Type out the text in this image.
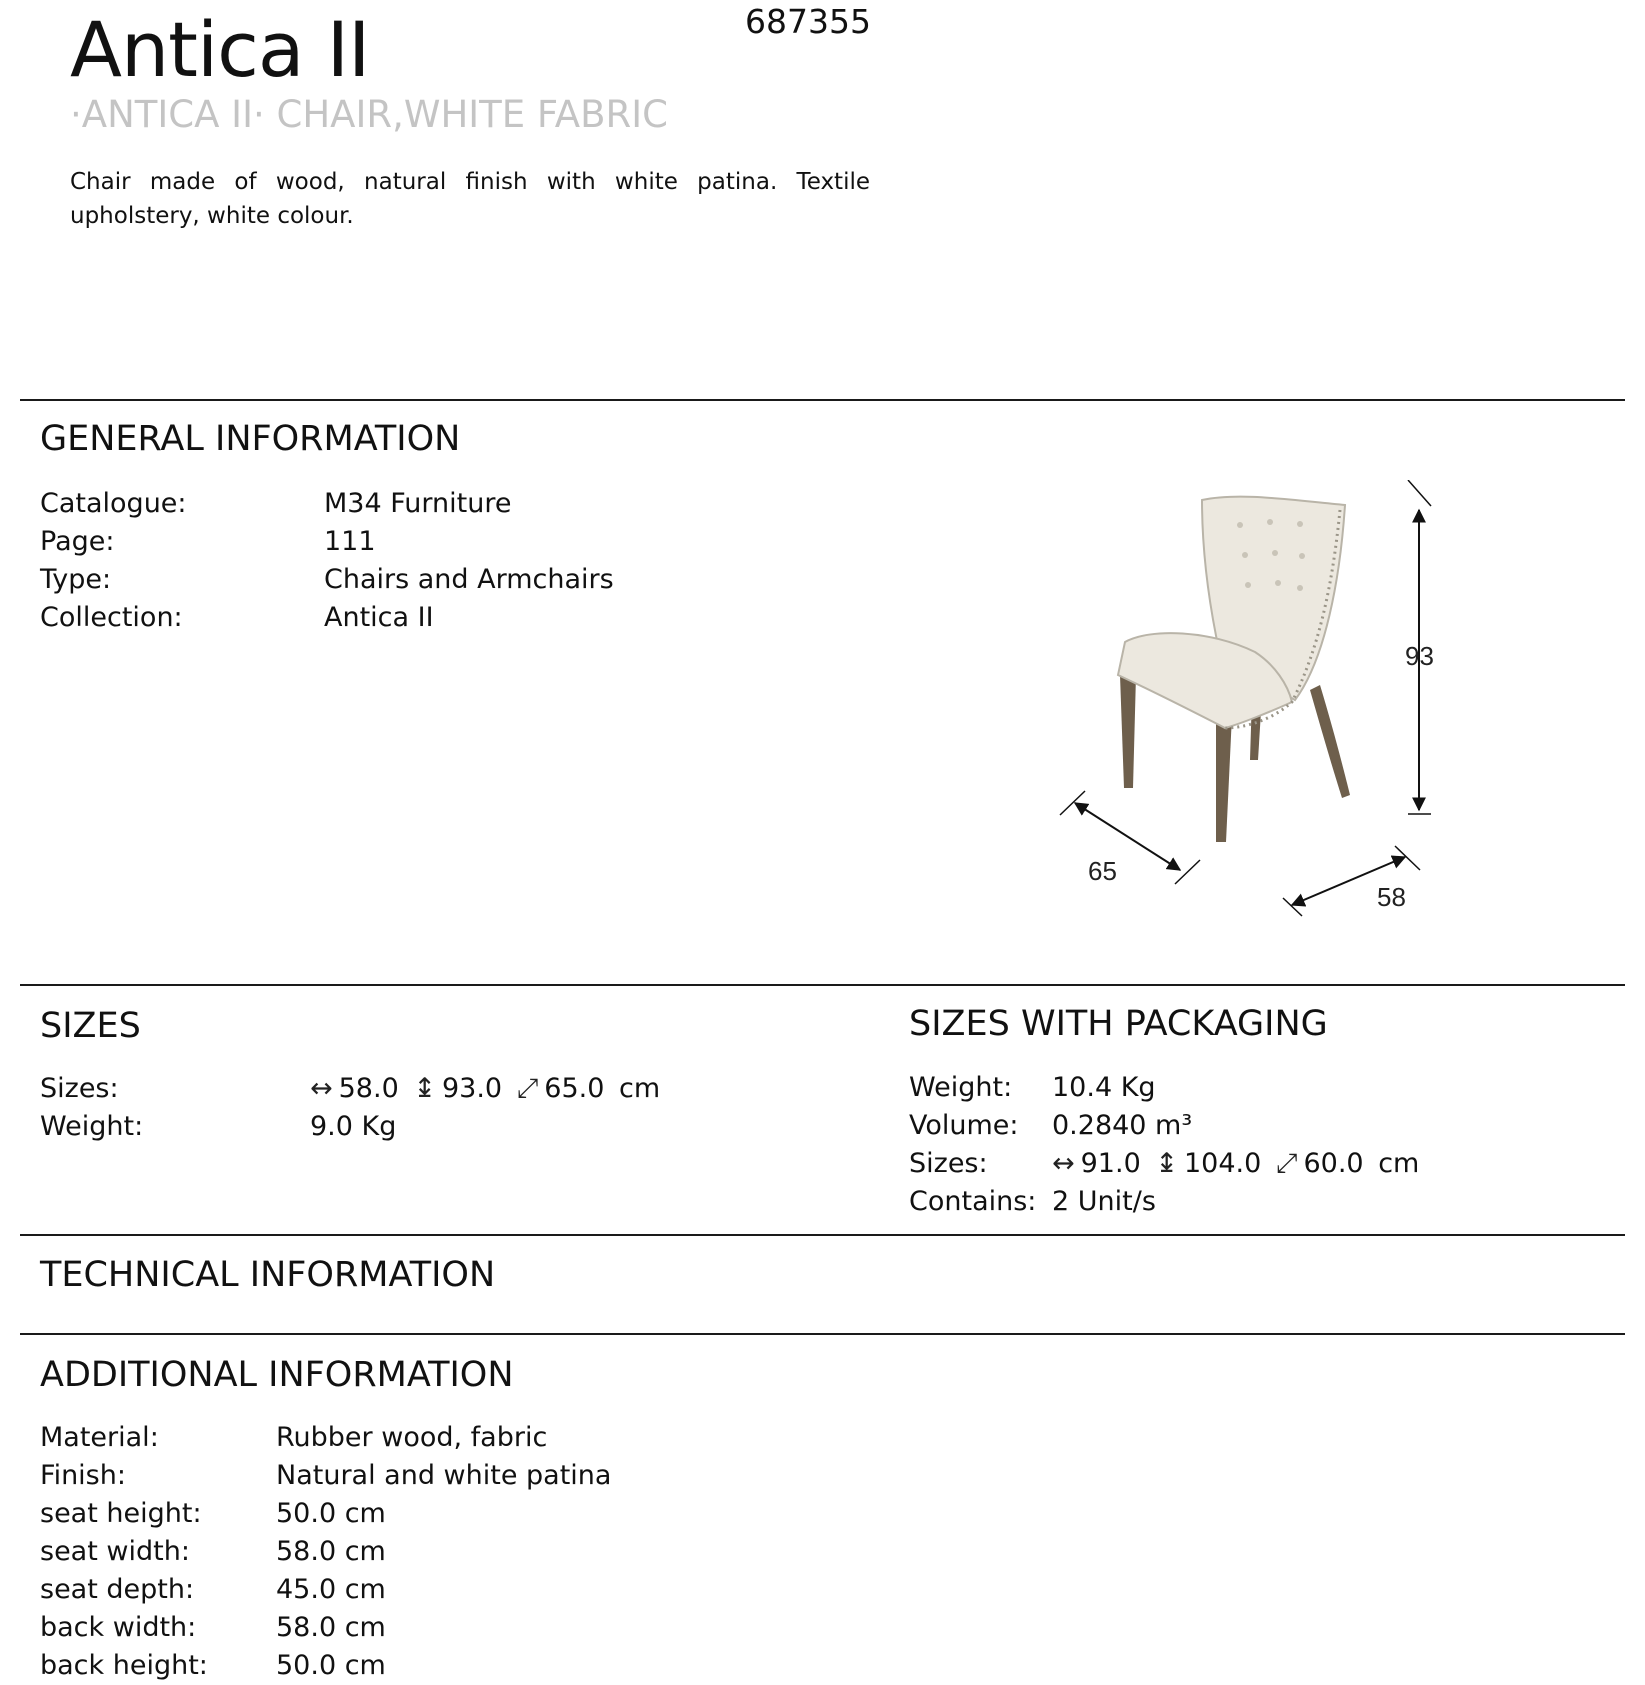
Antica II	687355
·ANTICA II· CHAIR,WHITE FABRIC
Chair made of wood, natural finish with white patina. Textile upholstery, white colour.
GENERAL INFORMATION
Catalogue:	M34 Furniture
Page:	111
Type:	Chairs and Armchairs
Collection:	Antica II
93
65
58
SIZES
Sizes:	↔ 58.0 ↨ 93.0 ⤢ 65.0 cm
Weight:	9.0 Kg
SIZES WITH PACKAGING
Weight: 10.4 Kg
Volume: 0.2840 m³
Sizes: ↔ 91.0 ↨ 104.0 ⤢ 60.0 cm
Contains: 2 Unit/s
TECHNICAL INFORMATION
ADDITIONAL INFORMATION
Material:	Rubber wood, fabric
Finish:	Natural and white patina
seat height:	50.0 cm
seat width:	58.0 cm
seat depth:	45.0 cm
back width:	58.0 cm
back height:	50.0 cm
